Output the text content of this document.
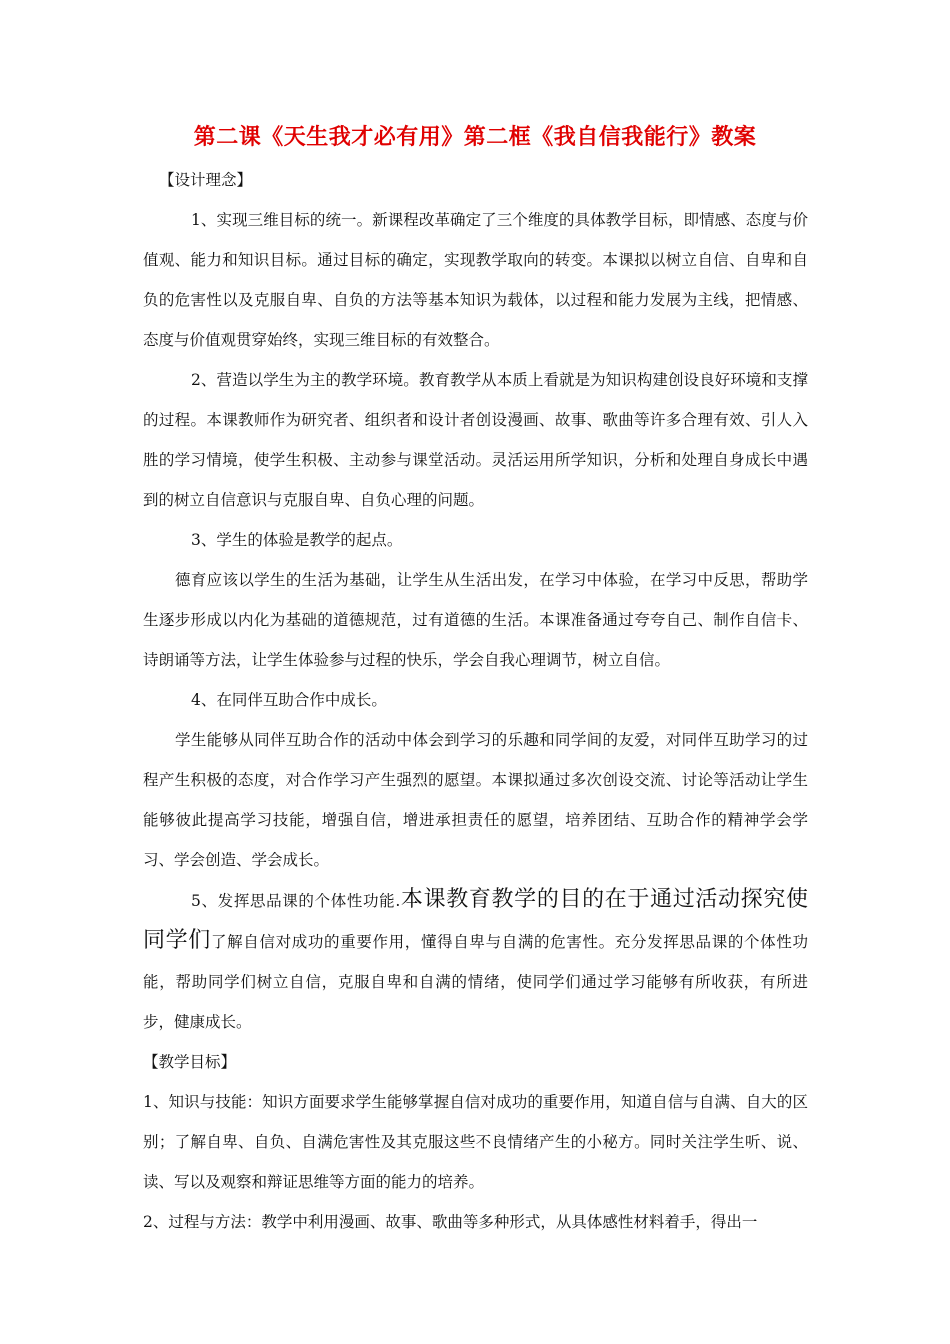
第二课《天生我才必有用》第二框《我自信我能行》教案

【设计理念】

1、实现三维目标的统一。新课程改革确定了三个维度的具体教学目标，即情感、态度与价值观、能力和知识目标。通过目标的确定，实现教学取向的转变。本课拟以树立自信、自卑和自负的危害性以及克服自卑、自负的方法等基本知识为载体，以过程和能力发展为主线，把情感、态度与价值观贯穿始终，实现三维目标的有效整合。

2、营造以学生为主的教学环境。教育教学从本质上看就是为知识构建创设良好环境和支撑的过程。本课教师作为研究者、组织者和设计者创设漫画、故事、歌曲等许多合理有效、引人入胜的学习情境，使学生积极、主动参与课堂活动。灵活运用所学知识，分析和处理自身成长中遇到的树立自信意识与克服自卑、自负心理的问题。

3、学生的体验是教学的起点。

德育应该以学生的生活为基础，让学生从生活出发，在学习中体验，在学习中反思，帮助学生逐步形成以内化为基础的道德规范，过有道德的生活。本课准备通过夸夸自己、制作自信卡、诗朗诵等方法，让学生体验参与过程的快乐，学会自我心理调节，树立自信。

4、在同伴互助合作中成长。

学生能够从同伴互助合作的活动中体会到学习的乐趣和同学间的友爱，对同伴互助学习的过程产生积极的态度，对合作学习产生强烈的愿望。本课拟通过多次创设交流、讨论等活动让学生能够彼此提高学习技能，增强自信，增进承担责任的愿望，培养团结、互助合作的精神学会学习、学会创造、学会成长。

5、发挥思品课的个体性功能.本课教育教学的目的在于通过活动探究使同学们了解自信对成功的重要作用，懂得自卑与自满的危害性。充分发挥思品课的个体性功能，帮助同学们树立自信，克服自卑和自满的情绪，使同学们通过学习能够有所收获，有所进步，健康成长。

【教学目标】

1、知识与技能：知识方面要求学生能够掌握自信对成功的重要作用，知道自信与自满、自大的区别；了解自卑、自负、自满危害性及其克服这些不良情绪产生的小秘方。同时关注学生听、说、读、写以及观察和辩证思维等方面的能力的培养。

2、过程与方法：教学中利用漫画、故事、歌曲等多种形式，从具体感性材料着手，得出一
